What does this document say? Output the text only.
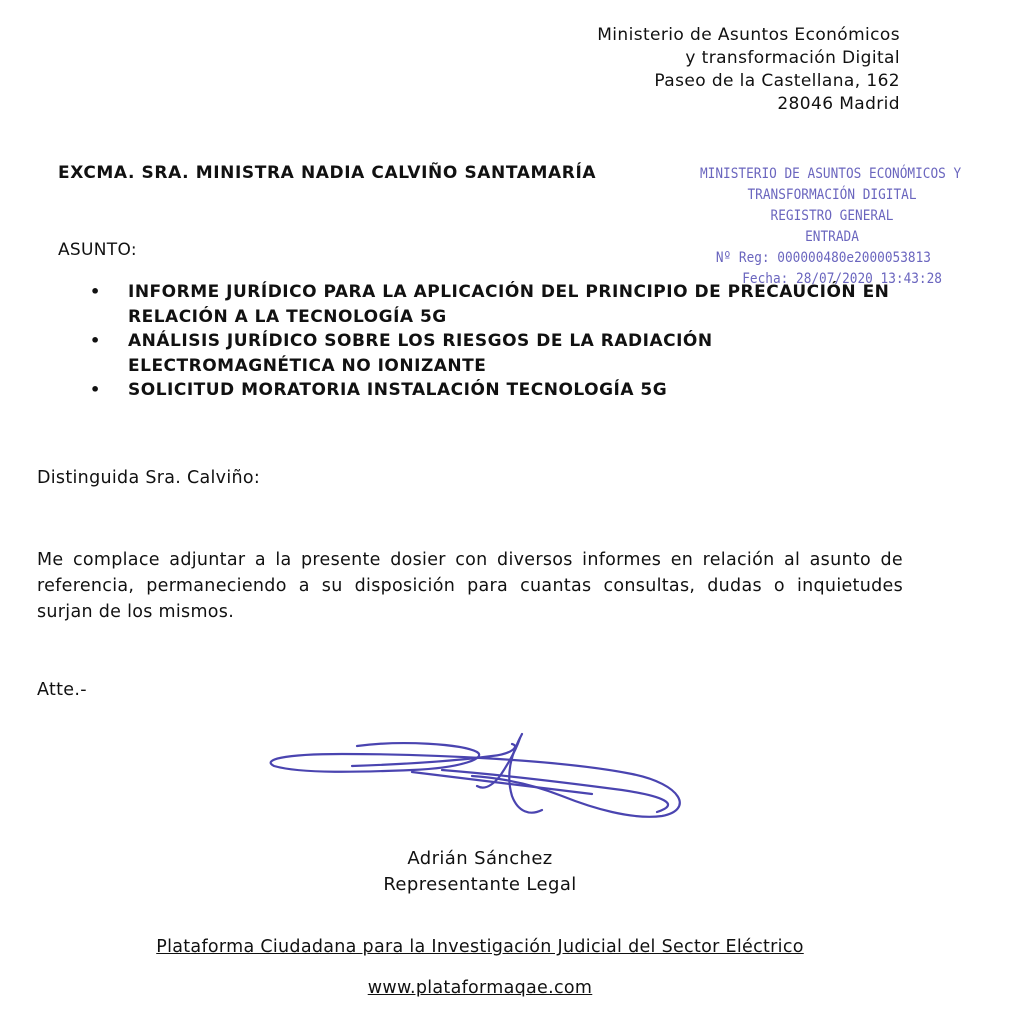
Ministerio de Asuntos Económicos
y transformación Digital
Paseo de la Castellana, 162
28046 Madrid
EXCMA. SRA. MINISTRA NADIA CALVIÑO SANTAMARÍA	MINISTERIO DE ASUNTOS ECONÓMICOS Y
TRANSFORMACIÓN DIGITAL
REGISTRO GENERAL
ENTRADA
Nº Reg: 000000480e2000053813
Fecha: 28/07/2020 13:43:28
ASUNTO:
• INFORME JURÍDICO PARA LA APLICACIÓN DEL PRINCIPIO DE PRECAUCIÓN EN RELACIÓN A LA TECNOLOGÍA 5G
• ANÁLISIS JURÍDICO SOBRE LOS RIESGOS DE LA RADIACIÓN ELECTROMAGNÉTICA NO IONIZANTE
• SOLICITUD MORATORIA INSTALACIÓN TECNOLOGÍA 5G
Distinguida Sra. Calviño:
Me complace adjuntar a la presente dosier con diversos informes en relación al asunto de referencia, permaneciendo a su disposición para cuantas consultas, dudas o inquietudes surjan de los mismos.
Atte.-
Adrián Sánchez
Representante Legal
Plataforma Ciudadana para la Investigación Judicial del Sector Eléctrico
www.plataformaqae.com
